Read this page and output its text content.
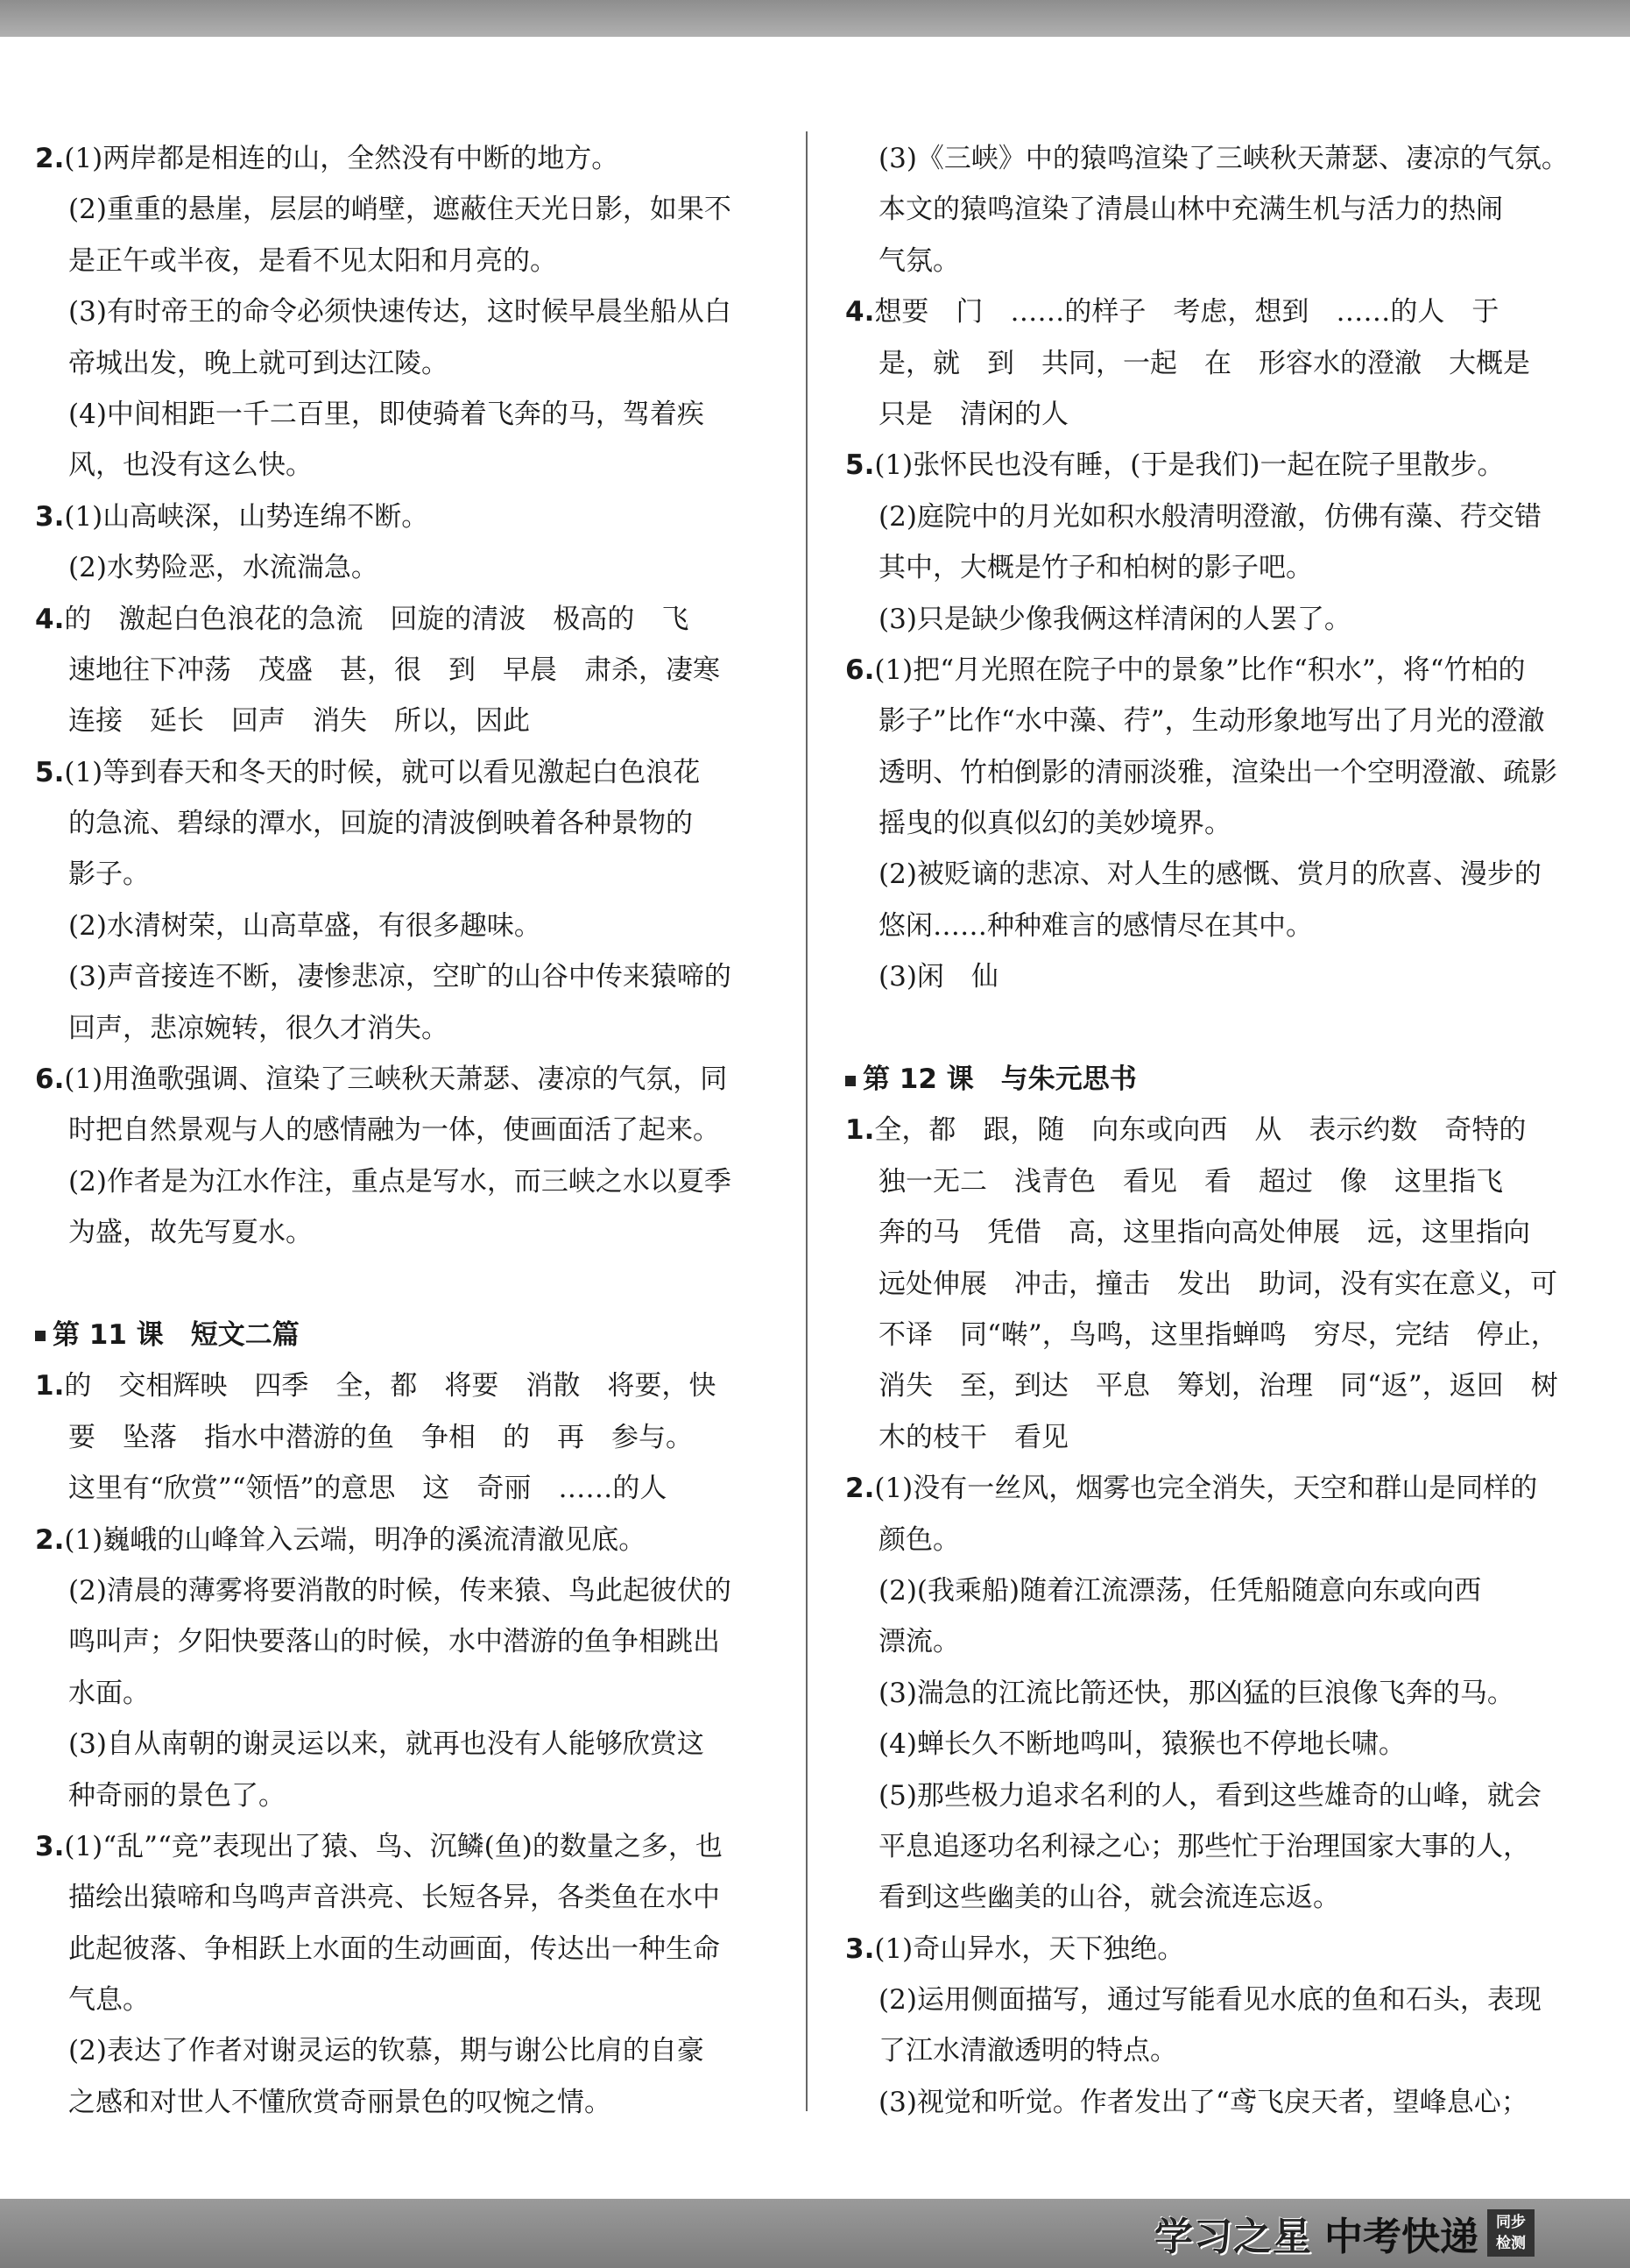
2.(1)两岸都是相连的山，全然没有中断的地方。
(2)重重的悬崖，层层的峭壁，遮蔽住天光日影，如果不
是正午或半夜，是看不见太阳和月亮的。
(3)有时帝王的命令必须快速传达，这时候早晨坐船从白
帝城出发，晚上就可到达江陵。
(4)中间相距一千二百里，即使骑着飞奔的马，驾着疾
风，也没有这么快。
3.(1)山高峡深，山势连绵不断。
(2)水势险恶，水流湍急。
4.的　激起白色浪花的急流　回旋的清波　极高的　飞
速地往下冲荡　茂盛　甚，很　到　早晨　肃杀，凄寒
连接　延长　回声　消失　所以，因此
5.(1)等到春天和冬天的时候，就可以看见激起白色浪花
的急流、碧绿的潭水，回旋的清波倒映着各种景物的
影子。
(2)水清树荣，山高草盛，有很多趣味。
(3)声音接连不断，凄惨悲凉，空旷的山谷中传来猿啼的
回声，悲凉婉转，很久才消失。
6.(1)用渔歌强调、渲染了三峡秋天萧瑟、凄凉的气氛，同
时把自然景观与人的感情融为一体，使画面活了起来。
(2)作者是为江水作注，重点是写水，而三峡之水以夏季
为盛，故先写夏水。
第 11 课　短文二篇
1.的　交相辉映　四季　全，都　将要　消散　将要，快
要　坠落　指水中潜游的鱼　争相　的　再　参与。
这里有“欣赏”“领悟”的意思　这　奇丽　……的人
2.(1)巍峨的山峰耸入云端，明净的溪流清澈见底。
(2)清晨的薄雾将要消散的时候，传来猿、鸟此起彼伏的
鸣叫声；夕阳快要落山的时候，水中潜游的鱼争相跳出
水面。
(3)自从南朝的谢灵运以来，就再也没有人能够欣赏这
种奇丽的景色了。
3.(1)“乱”“竞”表现出了猿、鸟、沉鳞(鱼)的数量之多，也
描绘出猿啼和鸟鸣声音洪亮、长短各异，各类鱼在水中
此起彼落、争相跃上水面的生动画面，传达出一种生命
气息。
(2)表达了作者对谢灵运的钦慕，期与谢公比肩的自豪
之感和对世人不懂欣赏奇丽景色的叹惋之情。
(3)《三峡》中的猿鸣渲染了三峡秋天萧瑟、凄凉的气氛。
本文的猿鸣渲染了清晨山林中充满生机与活力的热闹
气氛。
4.想要　门　……的样子　考虑，想到　……的人　于
是，就　到　共同，一起　在　形容水的澄澈　大概是
只是　清闲的人
5.(1)张怀民也没有睡，(于是我们)一起在院子里散步。
(2)庭院中的月光如积水般清明澄澈，仿佛有藻、荇交错
其中，大概是竹子和柏树的影子吧。
(3)只是缺少像我俩这样清闲的人罢了。
6.(1)把“月光照在院子中的景象”比作“积水”，将“竹柏的
影子”比作“水中藻、荇”，生动形象地写出了月光的澄澈
透明、竹柏倒影的清丽淡雅，渲染出一个空明澄澈、疏影
摇曳的似真似幻的美妙境界。
(2)被贬谪的悲凉、对人生的感慨、赏月的欣喜、漫步的
悠闲……种种难言的感情尽在其中。
(3)闲　仙
第 12 课　与朱元思书
1.全，都　跟，随　向东或向西　从　表示约数　奇特的
独一无二　浅青色　看见　看　超过　像　这里指飞
奔的马　凭借　高，这里指向高处伸展　远，这里指向
远处伸展　冲击，撞击　发出　助词，没有实在意义，可
不译　同“啭”，鸟鸣，这里指蝉鸣　穷尽，完结　停止，
消失　至，到达　平息　筹划，治理　同“返”，返回　树
木的枝干　看见
2.(1)没有一丝风，烟雾也完全消失，天空和群山是同样的
颜色。
(2)(我乘船)随着江流漂荡，任凭船随意向东或向西
漂流。
(3)湍急的江流比箭还快，那凶猛的巨浪像飞奔的马。
(4)蝉长久不断地鸣叫，猿猴也不停地长啸。
(5)那些极力追求名利的人，看到这些雄奇的山峰，就会
平息追逐功名利禄之心；那些忙于治理国家大事的人，
看到这些幽美的山谷，就会流连忘返。
3.(1)奇山异水，天下独绝。
(2)运用侧面描写，通过写能看见水底的鱼和石头，表现
了江水清澈透明的特点。
(3)视觉和听觉。作者发出了“鸢飞戾天者，望峰息心；
学习之星 中考快递	同步
检测
